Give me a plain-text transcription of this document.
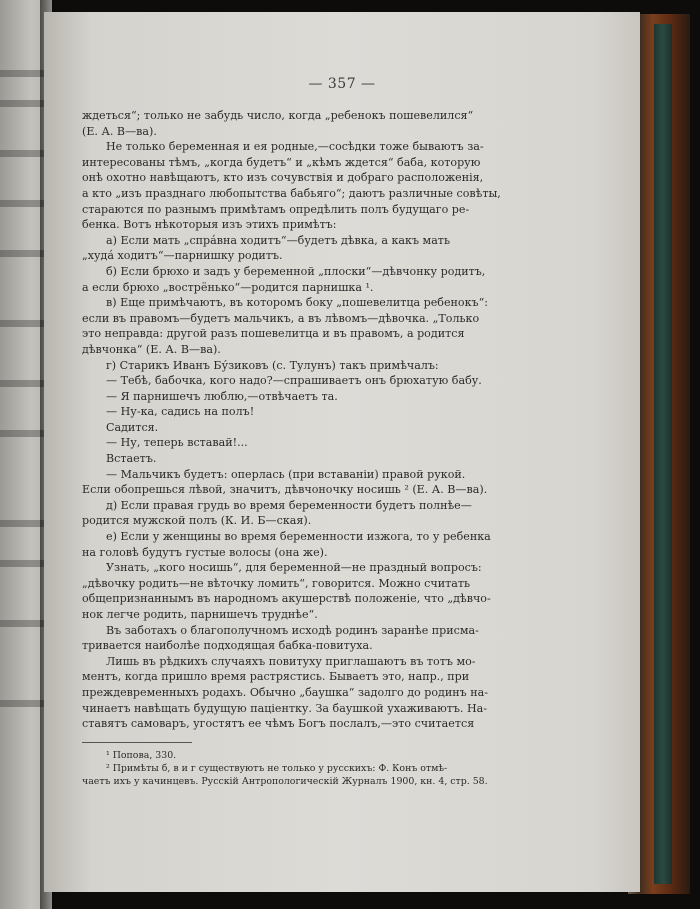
— 357 —

ждеться“; только не забудь число, когда „ребенокъ пошевелился“

(Е. А. В—ва).

Не только беременная и ея родные,—сосѣдки тоже бываютъ за-

интересованы тѣмъ, „когда будетъ“ и „кѣмъ ждется“ баба, которую

онѣ охотно навѣщаютъ, кто изъ сочувствія и добраго расположенія,

а кто „изъ празднаго любопытства бабьяго“; даютъ различные совѣты,

стараются по разнымъ примѣтамъ опредѣлить полъ будущаго ре-

бенка. Вотъ нѣкоторыя изъ этихъ примѣтъ:

а) Если мать „спрáвна ходитъ“—будетъ дѣвка, а какъ мать

„худá ходитъ“—парнишку родитъ.

б) Если брюхо и задъ у беременной „плоски“—дѣвчонку родитъ,

а если брюхо „вострёнько“—родится парнишка ¹.

в) Еще примѣчаютъ, въ которомъ боку „пошевелитца ребенокъ“:

если въ правомъ—будетъ мальчикъ, а въ лѣвомъ—дѣвочка. „Только

это неправда: другой разъ пошевелитца и въ правомъ, а родится

дѣвчонка“ (Е. А. В—ва).

г) Старикъ Иванъ Бу́зиковъ (с. Тулунъ) такъ примѣчалъ:

— Тебѣ, бабочка, кого надо?—спрашиваетъ онъ брюхатую бабу.

— Я парнишечъ люблю,—отвѣчаетъ та.

— Ну-ка, садись на полъ!

Садится.

— Ну, теперь вставай!...

Встаетъ.

— Мальчикъ будетъ: оперлась (при вставаніи) правой рукой.

Если обопрешься лѣвой, значитъ, дѣвчоночку носишь ² (Е. А. В—ва).

д) Если правая грудь во время беременности будетъ полнѣе—

родится мужской полъ (К. И. Б—ская).

е) Если у женщины во время беременности изжога, то у ребенка

на головѣ будутъ густые волосы (она же).

Узнать, „кого носишь“, для беременной—не праздный вопросъ:

„дѣвочку родить—не вѣточку ломить“, говорится. Можно считать

общепризнаннымъ въ народномъ акушерствѣ положеніе, что „дѣвчо-

нок легче родить, парнишечъ труднѣе“.

Въ заботахъ о благополучномъ исходѣ родинъ заранѣе присма-

тривается наиболѣе подходящая бабка-повитуха.

Лишь въ рѣдкихъ случаяхъ повитуху приглашаютъ въ тотъ мо-

ментъ, когда пришло время растрястись. Бываетъ это, напр., при

преждевременныхъ родахъ. Обычно „баушка“ задолго до родинъ на-

чинаетъ навѣщать будущую паціентку. За баушкой ухаживаютъ. На-

ставятъ самоваръ, угостятъ ее чѣмъ Богъ послалъ,—это считается

¹ Попова, 330.

² Примѣты б, в и г существуютъ не только у русскихъ: Ф. Конъ отмѣ-

чаетъ ихъ у качинцевъ. Русскій Антропологическій Журналъ 1900, кн. 4, стр. 58.
